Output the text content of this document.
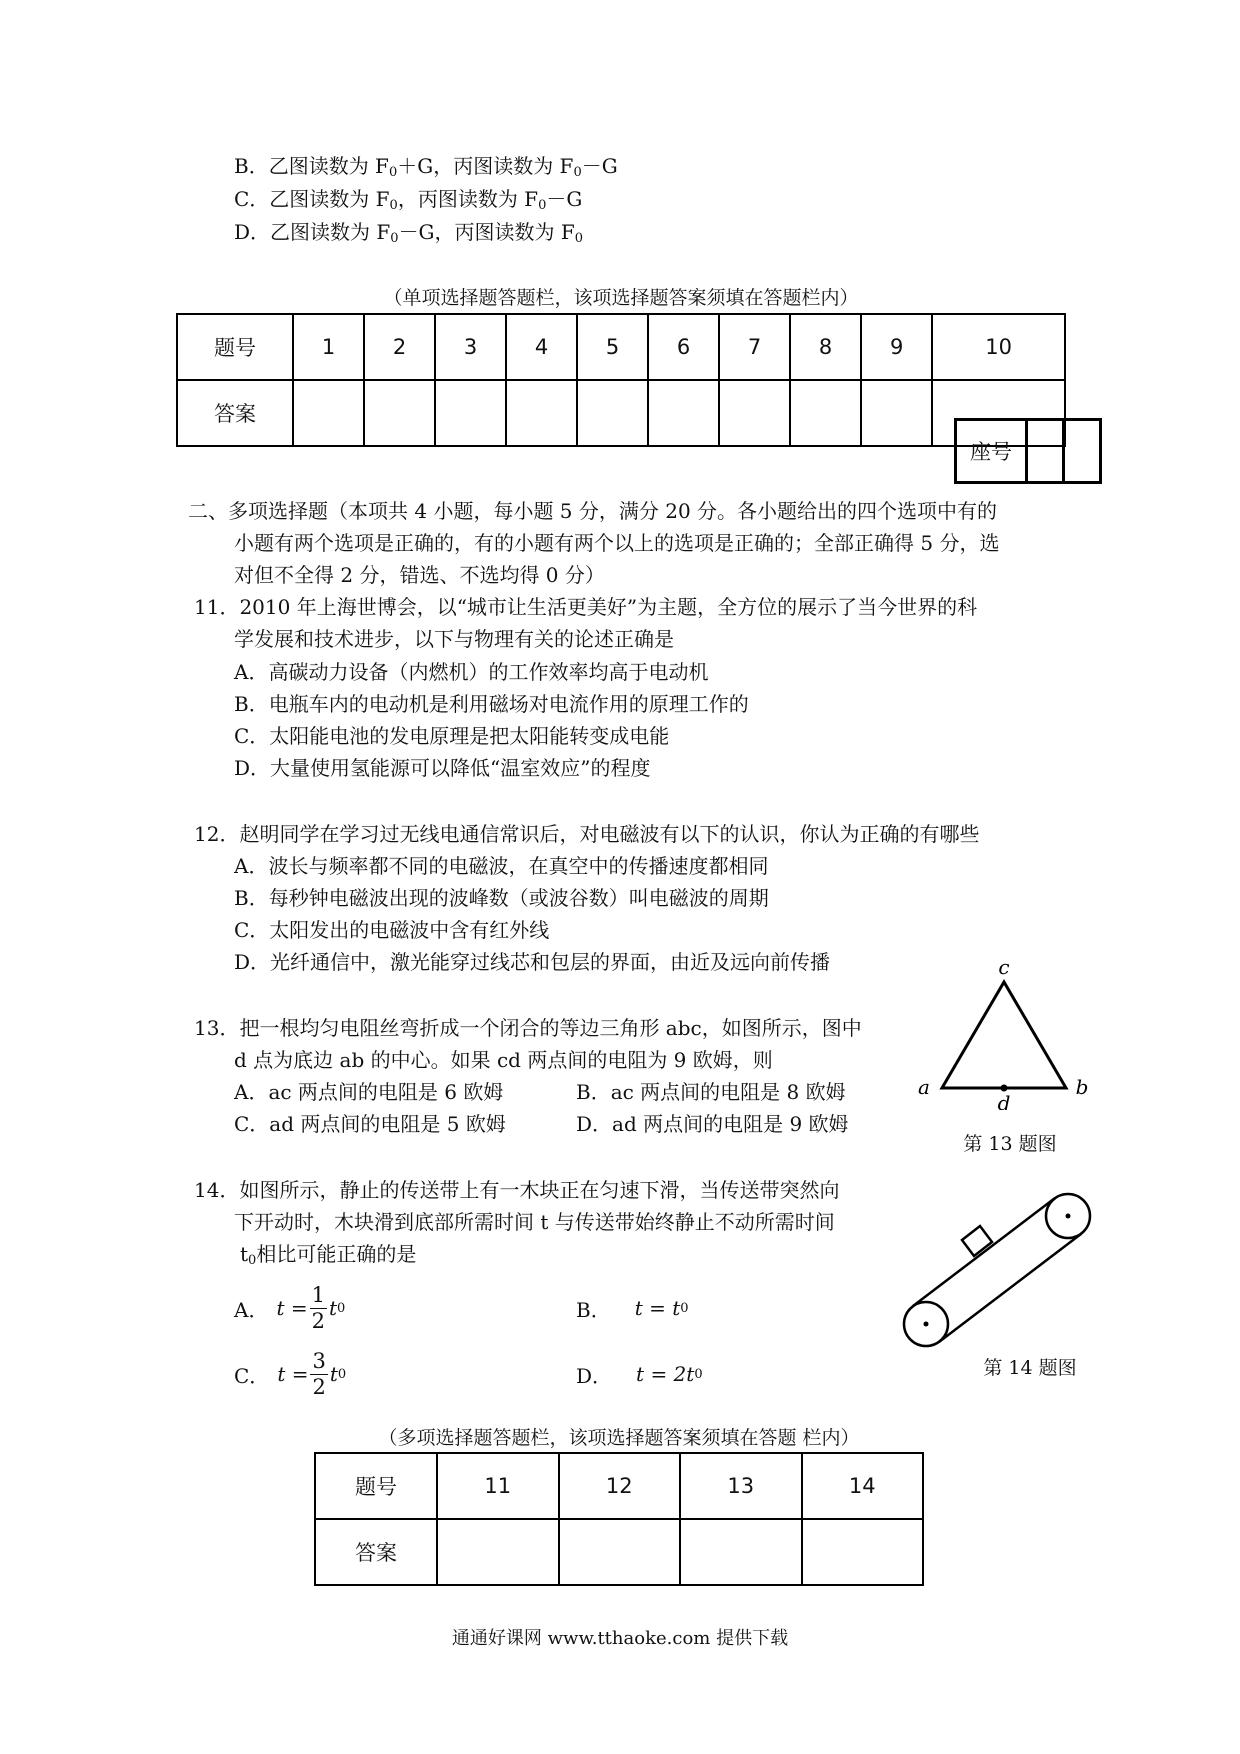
B．乙图读数为 $F_0+G$，丙图读数为 $F_0-G$
C．乙图读数为 $F_0$，丙图读数为 $F_0-G$
D．乙图读数为 $F_0-G$，丙图读数为 $F_0$
（单项选择题答题栏，该项选择题答案须填在答题栏内）
题号	1	2	3	4	5	6	7	8	9	10
答案										
座号		
二、多项选择题（本项共 4 小题，每小题 5 分，满分 20 分。各小题给出的四个选项中有的
小题有两个选项是正确的，有的小题有两个以上的选项是正确的；全部正确得 5 分，选
对但不全得 2 分，错选、不选均得 0 分）
11．2010 年上海世博会，以“城市让生活更美好”为主题，全方位的展示了当今世界的科
学发展和技术进步，以下与物理有关的论述正确是
A．高碳动力设备（内燃机）的工作效率均高于电动机
B．电瓶车内的电动机是利用磁场对电流作用的原理工作的
C．太阳能电池的发电原理是把太阳能转变成电能
D．大量使用氢能源可以降低“温室效应”的程度
12．赵明同学在学习过无线电通信常识后，对电磁波有以下的认识，你认为正确的有哪些
A．波长与频率都不同的电磁波，在真空中的传播速度都相同
B．每秒钟电磁波出现的波峰数（或波谷数）叫电磁波的周期
C．太阳发出的电磁波中含有红外线
D．光纤通信中，激光能穿过线芯和包层的界面，由近及远向前传播
13．把一根均匀电阻丝弯折成一个闭合的等边三角形 abc，如图所示，图中
d 点为底边 ab 的中心。如果 cd 两点间的电阻为 9 欧姆，则
A．ac 两点间的电阻是 6 欧姆	B．ac 两点间的电阻是 8 欧姆
C．ad 两点间的电阻是 5 欧姆	D．ad 两点间的电阻是 9 欧姆
c
a	b
d
第 13 题图
14．如图所示，静止的传送带上有一木块正在匀速下滑，当传送带突然向
下开动时，木块滑到底部所需时间 t 与传送带始终静止不动所需时间
$t_0$相比可能正确的是
A． $t = \frac{1}{2}$ t 0	B． t = t 0
C． $t = \frac{3}{2}$ t 0	D． t = 2t 0	第 14 题图
（多项选择题答题栏，该项选择题答案须填在答题 栏内）
题号	11	12	13	14
答案				
通通好课网 www.tthaoke.com 提供下载
